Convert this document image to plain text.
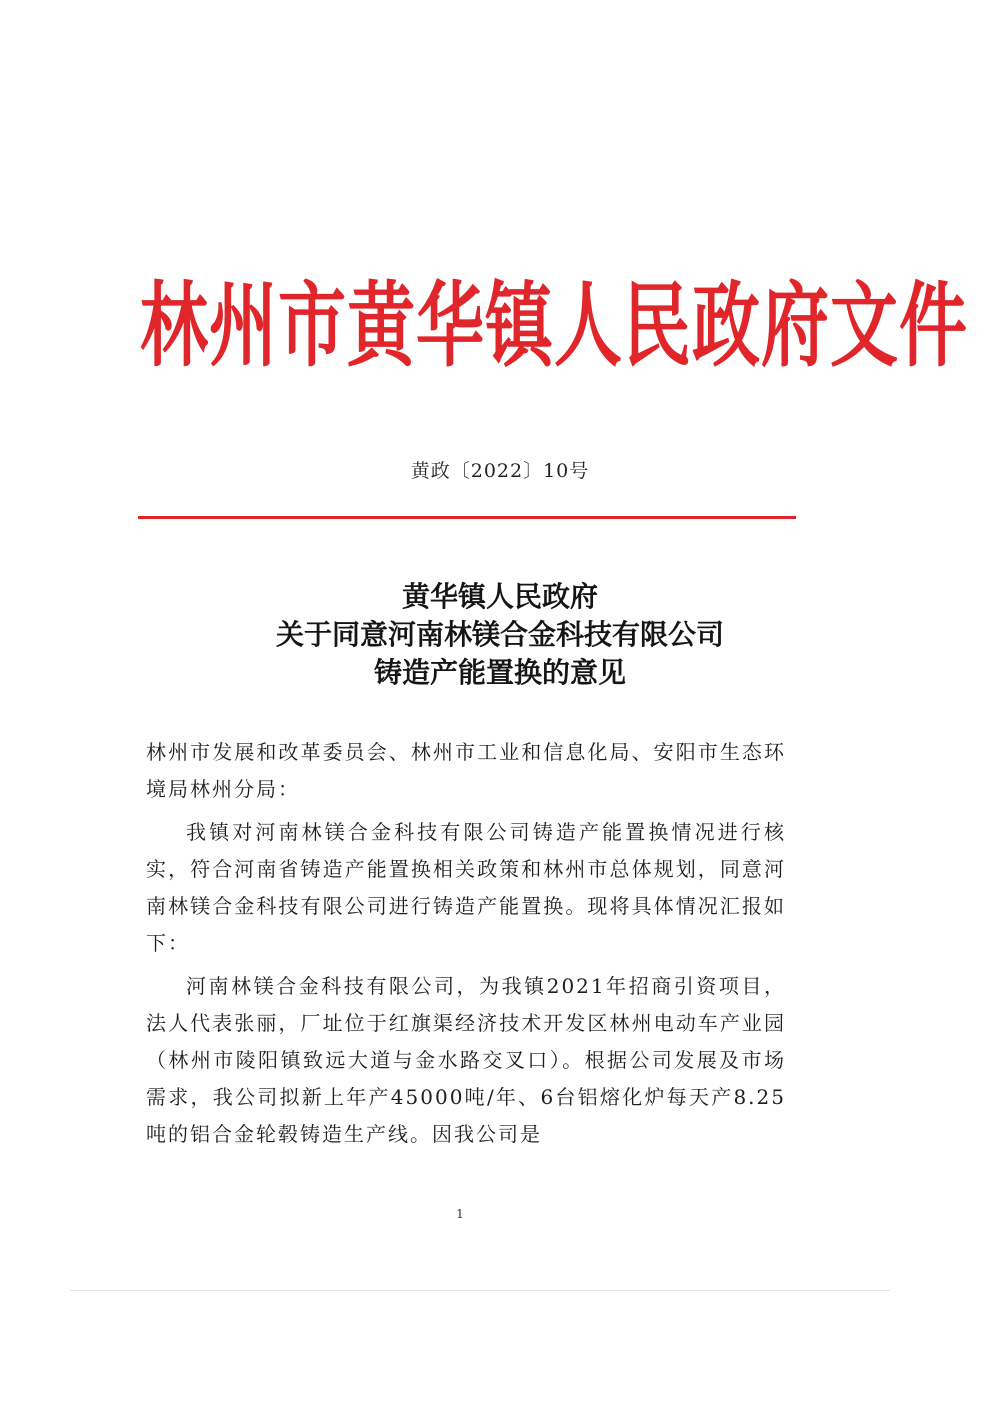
林州市黄华镇人民政府文件
黄政〔2022〕10号
黄华镇人民政府
关于同意河南林镁合金科技有限公司
铸造产能置换的意见

林州市发展和改革委员会、林州市工业和信息化局、安阳市生态环境局林州分局：

我镇对河南林镁合金科技有限公司铸造产能置换情况进行核实，符合河南省铸造产能置换相关政策和林州市总体规划，同意河南林镁合金科技有限公司进行铸造产能置换。现将具体情况汇报如下：

河南林镁合金科技有限公司，为我镇2021年招商引资项目，法人代表张丽，厂址位于红旗渠经济技术开发区林州电动车产业园（林州市陵阳镇致远大道与金水路交叉口）。根据公司发展及市场需求，我公司拟新上年产45000吨/年、6台铝熔化炉每天产8.25吨的铝合金轮毂铸造生产线。因我公司是

1
